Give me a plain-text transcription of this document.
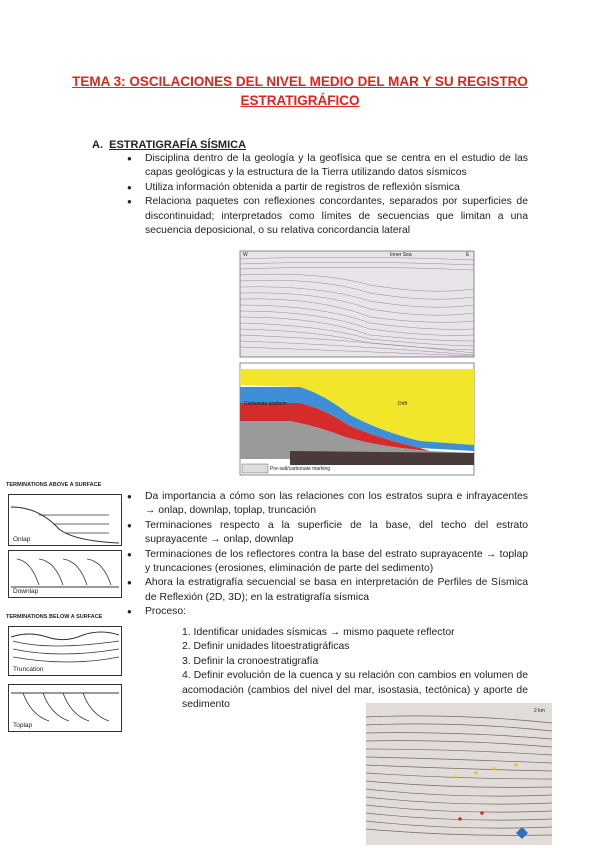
TEMA 3: OSCILACIONES DEL NIVEL MEDIO DEL MAR Y SU REGISTRO ESTRATIGRÁFICO
A. ESTRATIGRAFÍA SÍSMICA
● Disciplina dentro de la geología y la geofísica que se centra en el estudio de las capas geológicas y la estructura de la Tierra utilizando datos sísmicos
● Utiliza información obtenida a partir de registros de reflexión sísmica
● Relaciona paquetes con reflexiones concordantes, separados por superficies de discontinuidad; interpretados como límites de secuencias que limitan a una secuencia deposicional, o su relativa concordancia lateral
W	E
Inner Sea
Carbonate platform	Drift
Pre-salt/carbonate marking
TERMINATIONS ABOVE A SURFACE
Onlap
Downlap
TERMINATIONS BELOW A SURFACE
Truncation
Toplap
● Da importancia a cómo son las relaciones con los estratos supra e infrayacentes → onlap, downlap, toplap, truncación
● Terminaciones respecto a la superficie de la base, del techo del estrato suprayacente → onlap, downlap
● Terminaciones de los reflectores contra la base del estrato suprayacente → toplap y truncaciones (erosiones, eliminación de parte del sedimento)
● Ahora la estratigrafía secuencial se basa en interpretación de Perfiles de Sísmica de Reflexión (2D, 3D); en la estratigrafía sísmica
● Proceso:
1. Identificar unidades sísmicas → mismo paquete reflector
2. Definir unidades litoestratigráficas
3. Definir la cronoestratigrafía
4. Definir evolución de la cuenca y su relación con cambios en volumen de acomodación (cambios del nivel del mar, isostasia, tectónica) y aporte de sedimento
2 km
